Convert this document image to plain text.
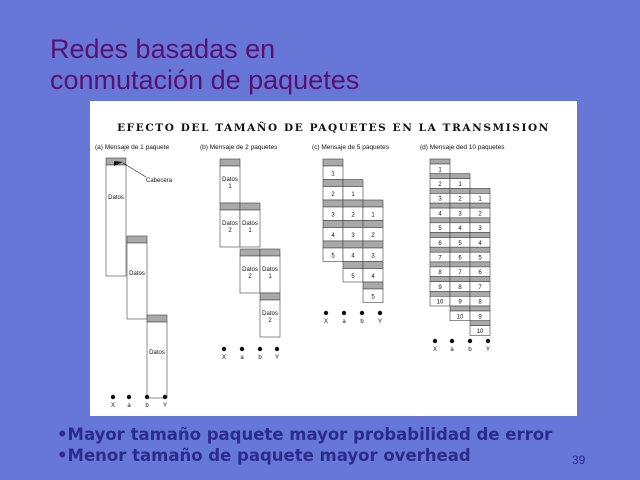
Redes basadas en
conmutación de paquetes
EFECTO DEL TAMAÑO DE PAQUETES EN LA TRANSMISION
(a) Mensaje de 1 paquete	(b) Mensaje de 2 paquetes	(c) Mensaje de 5 paquetes	(d) Mensaje ded 10 paquetes
Datos
Datos
Datos
Cabecera
X a b Y
Datos
1
Datos
2
Datos
1
Datos
2
Datos
1
Datos
2
X a b Y
1
2
3
4
5
1
2
3
4
5
1
2
3
4
5
X a b Y
1
2
3
4
5
6
7
8
9
10
1
2
3
4
5
6
7
8
9
10
1
2
3
4
5
6
7
8
9
10
X a b Y
•Mayor tamaño paquete mayor probabilidad de error
•Menor tamaño de paquete mayor overhead	39
